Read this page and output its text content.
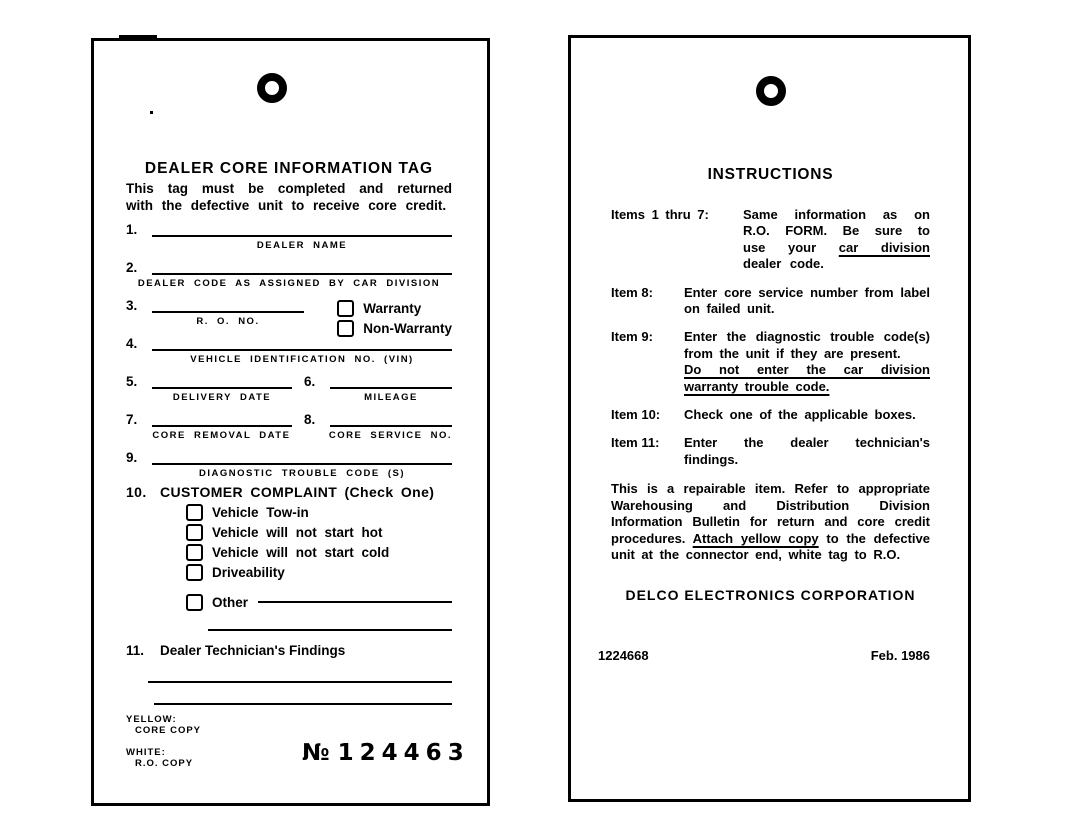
DEALER CORE INFORMATION TAG
This tag must be completed and returned with the defective unit to receive core credit.
1.
DEALER NAME
2.
DEALER CODE AS ASSIGNED BY CAR DIVISION
3.
R. O. NO.
Warranty
Non-Warranty
4.
VEHICLE IDENTIFICATION NO. (VIN)
5.	6.
DELIVERY DATE	MILEAGE
7.	8.
CORE REMOVAL DATE	CORE SERVICE NO.
9.
DIAGNOSTIC TROUBLE CODE (S)
10. CUSTOMER COMPLAINT (Check One)
Vehicle Tow-in
Vehicle will not start hot
Vehicle will not start cold
Driveability
Other
11.	Dealer Technician's Findings
YELLOW:
CORE COPY
WHITE:
R.O. COPY	№ 124463
INSTRUCTIONS
Items 1 thru 7:	Same information as on R.O. FORM. Be sure to use your car division dealer code.
Item 8:	Enter core service number from label on failed unit.
Item 9:	Enter the diagnostic trouble code(s) from the unit if they are present.
Do not enter the car division warranty trouble code.
Item 10:	Check one of the applicable boxes.
Item 11:	Enter the dealer technician's findings.
This is a repairable item. Refer to appropriate Warehousing and Distribution Division Information Bulletin for return and core credit procedures. Attach yellow copy to the defective unit at the connector end, white tag to R.O.
DELCO ELECTRONICS CORPORATION
1224668	Feb. 1986
